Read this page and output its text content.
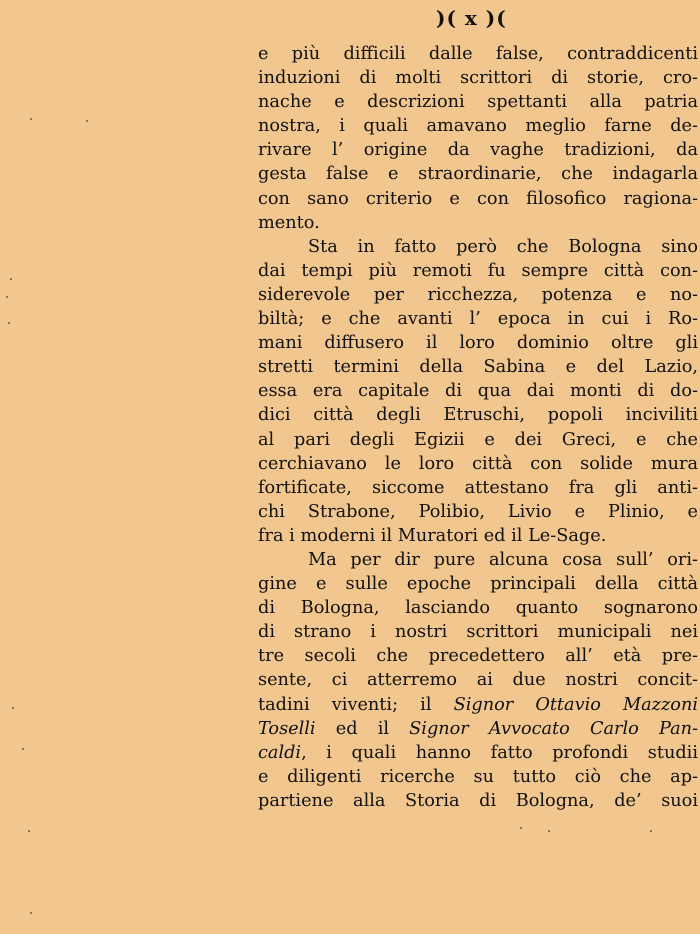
)( x )(
e più difficili dalle false, contraddicenti
induzioni di molti scrittori di storie, cro-
nache e descrizioni spettanti alla patria
nostra, i quali amavano meglio farne de-
rivare l’ origine da vaghe tradizioni, da
gesta false e straordinarie, che indagarla
con sano criterio e con filosofico ragiona-
mento.
Sta in fatto però che Bologna sino
dai tempi più remoti fu sempre città con-
siderevole per ricchezza, potenza e no-
biltà; e che avanti l’ epoca in cui i Ro-
mani diffusero il loro dominio oltre gli
stretti termini della Sabina e del Lazio,
essa era capitale di qua dai monti di do-
dici città degli Etruschi, popoli inciviliti
al pari degli Egizii e dei Greci, e che
cerchiavano le loro città con solide mura
fortificate, siccome attestano fra gli anti-
chi Strabone, Polibio, Livio e Plinio, e
fra i moderni il Muratori ed il Le-Sage.
Ma per dir pure alcuna cosa sull’ ori-
gine e sulle epoche principali della città
di Bologna, lasciando quanto sognarono
di strano i nostri scrittori municipali nei
tre secoli che precedettero all’ età pre-
sente, ci atterremo ai due nostri concit-
tadini viventi; il Signor Ottavio Mazzoni
Toselli ed il Signor Avvocato Carlo Pan-
caldi, i quali hanno fatto profondi studii
e diligenti ricerche su tutto ciò che ap-
partiene alla Storia di Bologna, de’ suoi
